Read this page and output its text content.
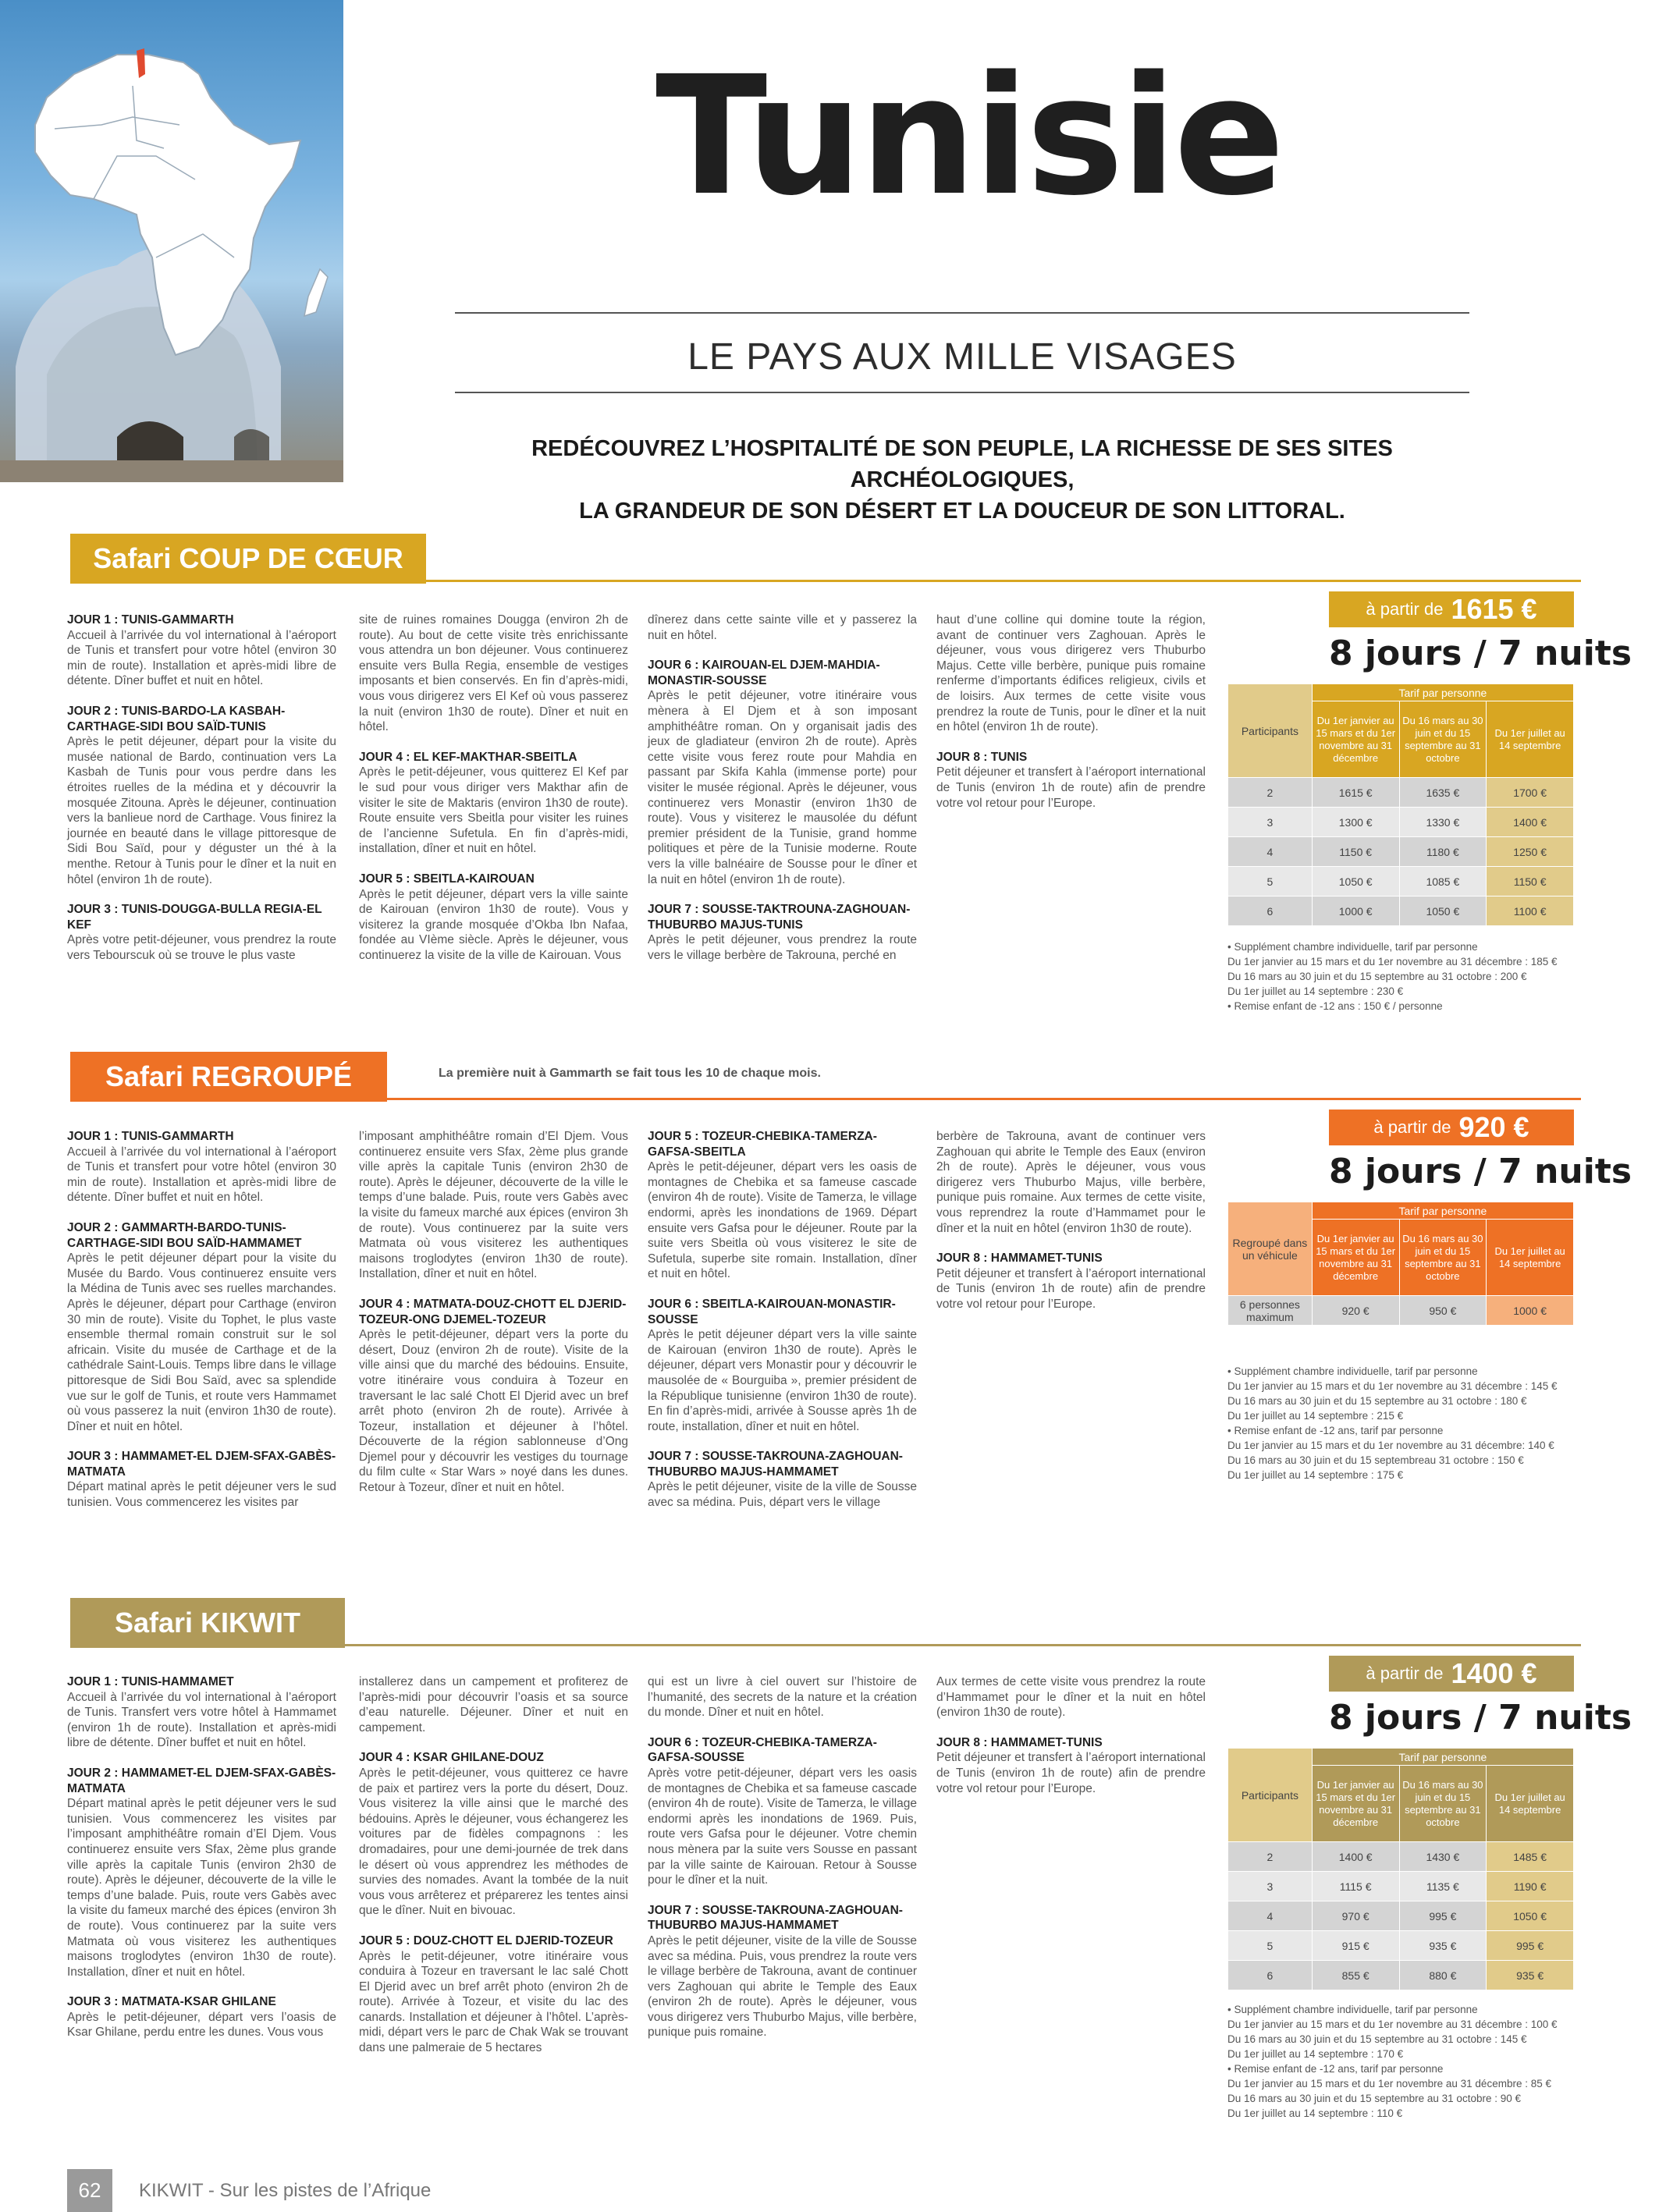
Tunisie
LE PAYS AUX MILLE VISAGES
REDÉCOUVREZ L’HOSPITALITÉ DE SON PEUPLE, LA RICHESSE DE SES SITES ARCHÉOLOGIQUES,
LA GRANDEUR DE SON DÉSERT ET LA DOUCEUR DE SON LITTORAL.
Safari COUP DE CŒUR
JOUR 1 : TUNIS-GAMMARTH
Accueil à l’arrivée du vol international à l’aéroport de Tunis et transfert pour votre hôtel (environ 30 min de route). Installation et après-midi libre de détente. Dîner buffet et nuit en hôtel.
JOUR 2 : TUNIS-BARDO-LA KASBAH-CARTHAGE-SIDI BOU SAÏD-TUNIS
Après le petit déjeuner, départ pour la visite du musée national de Bardo, continuation vers La Kasbah de Tunis pour vous perdre dans les étroites ruelles de la médina et y découvrir la mosquée Zitouna. Après le déjeuner, continuation vers la banlieue nord de Carthage. Vous finirez la journée en beauté dans le village pittoresque de Sidi Bou Saïd, pour y déguster un thé à la menthe. Retour à Tunis pour le dîner et la nuit en hôtel (environ 1h de route).
JOUR 3 : TUNIS-DOUGGA-BULLA REGIA-EL KEF
Après votre petit-déjeuner, vous prendrez la route vers Tebourscuk où se trouve le plus vaste
site de ruines romaines Dougga (environ 2h de route). Au bout de cette visite très enrichissante vous attendra un bon déjeuner. Vous continuerez ensuite vers Bulla Regia, ensemble de vestiges imposants et bien conservés. En fin d’après-midi, vous vous dirigerez vers El Kef où vous passerez la nuit (environ 1h30 de route). Dîner et nuit en hôtel.
JOUR 4 : EL KEF-MAKTHAR-SBEITLA
Après le petit-déjeuner, vous quitterez El Kef par le sud pour vous diriger vers Makthar afin de visiter le site de Maktaris (environ 1h30 de route). Route ensuite vers Sbeitla pour visiter les ruines de l’ancienne Sufetula. En fin d’après-midi, installation, dîner et nuit en hôtel.
JOUR 5 : SBEITLA-KAIROUAN
Après le petit déjeuner, départ vers la ville sainte de Kairouan (environ 1h30 de route). Vous y visiterez la grande mosquée d’Okba Ibn Nafaa, fondée au VIème siècle. Après le déjeuner, vous continuerez la visite de la ville de Kairouan. Vous
dînerez dans cette sainte ville et y passerez la nuit en hôtel.
JOUR 6 : KAIROUAN-EL DJEM-MAHDIA-MONASTIR-SOUSSE
Après le petit déjeuner, votre itinéraire vous mènera à El Djem et à son imposant amphithéâtre roman. On y organisait jadis des jeux de gladiateur (environ 2h de route). Après cette visite vous ferez route pour Mahdia en passant par Skifa Kahla (immense porte) pour visiter le musée régional. Après le déjeuner, vous continuerez vers Monastir (environ 1h30 de route). Vous y visiterez le mausolée du défunt premier président de la Tunisie, grand homme politiques et père de la Tunisie moderne. Route vers la ville balnéaire de Sousse pour le dîner et la nuit en hôtel (environ 1h de route).
JOUR 7 : SOUSSE-TAKTROUNA-ZAGHOUAN-THUBURBO MAJUS-TUNIS
Après le petit déjeuner, vous prendrez la route vers le village berbère de Takrouna, perché en
haut d’une colline qui domine toute la région, avant de continuer vers Zaghouan. Après le déjeuner, vous vous dirigerez vers Thuburbo Majus. Cette ville berbère, punique puis romaine renferme d’importants édifices religieux, civils et de loisirs. Aux termes de cette visite vous prendrez la route de Tunis, pour le dîner et la nuit en hôtel (environ 1h de route).
JOUR 8 : TUNIS
Petit déjeuner et transfert à l’aéroport international de Tunis (environ 1h de route) afin de prendre votre vol retour pour l’Europe.
à partir de 1615 €
8 jours / 7 nuits
Participants	Tarif par personne		
	Du 1er janvier au 15 mars et du 1er novembre au 31 décembre	Du 16 mars au 30 juin et du 15 septembre au 31 octobre	Du 1er juillet au 14 septembre
2	1615 €	1635 €	1700 €
3	1300 €	1330 €	1400 €
4	1150 €	1180 €	1250 €
5	1050 €	1085 €	1150 €
6	1000 €	1050 €	1100 €
• Supplément chambre individuelle, tarif par personne
Du 1er janvier au 15 mars et du 1er novembre au 31 décembre : 185 €
Du 16 mars au 30 juin et du 15 septembre au 31 octobre : 200 €
Du 1er juillet au 14 septembre : 230 €
• Remise enfant de -12 ans : 150 € / personne
Safari REGROUPÉ	La première nuit à Gammarth se fait tous les 10 de chaque mois.
JOUR 1 : TUNIS-GAMMARTH
Accueil à l’arrivée du vol international à l’aéroport de Tunis et transfert pour votre hôtel (environ 30 min de route). Installation et après-midi libre de détente. Dîner buffet et nuit en hôtel.
JOUR 2 : GAMMARTH-BARDO-TUNIS-CARTHAGE-SIDI BOU SAÏD-HAMMAMET
Après le petit déjeuner départ pour la visite du Musée du Bardo. Vous continuerez ensuite vers la Médina de Tunis avec ses ruelles marchandes. Après le déjeuner, départ pour Carthage (environ 30 min de route). Visite du Tophet, le plus vaste ensemble thermal romain construit sur le sol africain. Visite du musée de Carthage et de la cathédrale Saint-Louis. Temps libre dans le village pittoresque de Sidi Bou Saïd, avec sa splendide vue sur le golf de Tunis, et route vers Hammamet où vous passerez la nuit (environ 1h30 de route). Dîner et nuit en hôtel.
JOUR 3 : HAMMAMET-EL DJEM-SFAX-GABÈS-MATMATA
Départ matinal après le petit déjeuner vers le sud tunisien. Vous commencerez les visites par
l’imposant amphithéâtre romain d’El Djem. Vous continuerez ensuite vers Sfax, 2ème plus grande ville après la capitale Tunis (environ 2h30 de route). Après le déjeuner, découverte de la ville le temps d’une balade. Puis, route vers Gabès avec la visite du fameux marché aux épices (environ 3h de route). Vous continuerez par la suite vers Matmata où vous visiterez les authentiques maisons troglodytes (environ 1h30 de route). Installation, dîner et nuit en hôtel.
JOUR 4 : MATMATA-DOUZ-CHOTT EL DJERID-TOZEUR-ONG DJEMEL-TOZEUR
Après le petit-déjeuner, départ vers la porte du désert, Douz (environ 2h de route). Visite de la ville ainsi que du marché des bédouins. Ensuite, votre itinéraire vous conduira à Tozeur en traversant le lac salé Chott El Djerid avec un bref arrêt photo (environ 2h de route). Arrivée à Tozeur, installation et déjeuner à l’hôtel. Découverte de la région sablonneuse d’Ong Djemel pour y découvrir les vestiges du tournage du film culte « Star Wars » noyé dans les dunes. Retour à Tozeur, dîner et nuit en hôtel.
JOUR 5 : TOZEUR-CHEBIKA-TAMERZA-GAFSA-SBEITLA
Après le petit-déjeuner, départ vers les oasis de montagnes de Chebika et sa fameuse cascade (environ 4h de route). Visite de Tamerza, le village endormi, après les inondations de 1969. Départ ensuite vers Gafsa pour le déjeuner. Route par la suite vers Sbeitla où vous visiterez le site de Sufetula, superbe site romain. Installation, dîner et nuit en hôtel.
JOUR 6 : SBEITLA-KAIROUAN-MONASTIR-SOUSSE
Après le petit déjeuner départ vers la ville sainte de Kairouan (environ 1h30 de route). Après le déjeuner, départ vers Monastir pour y découvrir le mausolée de « Bourguiba », premier président de la République tunisienne (environ 1h30 de route). En fin d’après-midi, arrivée à Sousse après 1h de route, installation, dîner et nuit en hôtel.
JOUR 7 : SOUSSE-TAKROUNA-ZAGHOUAN-THUBURBO MAJUS-HAMMAMET
Après le petit déjeuner, visite de la ville de Sousse avec sa médina. Puis, départ vers le village
berbère de Takrouna, avant de continuer vers Zaghouan qui abrite le Temple des Eaux (environ 2h de route). Après le déjeuner, vous vous dirigerez vers Thuburbo Majus, ville berbère, punique puis romaine. Aux termes de cette visite, vous reprendrez la route d’Hammamet pour le dîner et la nuit en hôtel (environ 1h30 de route).
JOUR 8 : HAMMAMET-TUNIS
Petit déjeuner et transfert à l’aéroport international de Tunis (environ 1h de route) afin de prendre votre vol retour pour l’Europe.
à partir de 920 €
8 jours / 7 nuits
Regroupé dans un véhicule	Tarif par personne		
	Du 1er janvier au 15 mars et du 1er novembre au 31 décembre	Du 16 mars au 30 juin et du 15 septembre au 31 octobre	Du 1er juillet au 14 septembre
6 personnes maximum	920 €	950 €	1000 €
• Supplément chambre individuelle, tarif par personne
Du 1er janvier au 15 mars et du 1er novembre au 31 décembre : 145 €
Du 16 mars au 30 juin et du 15 septembre au 31 octobre : 180 €
Du 1er juillet au 14 septembre : 215 €
• Remise enfant de -12 ans, tarif par personne
Du 1er janvier au 15 mars et du 1er novembre au 31 décembre: 140 €
Du 16 mars au 30 juin et du 15 septembreau 31 octobre : 150 €
Du 1er juillet au 14 septembre : 175 €
Safari KIKWIT
JOUR 1 : TUNIS-HAMMAMET
Accueil à l’arrivée du vol international à l’aéroport de Tunis. Transfert vers votre hôtel à Hammamet (environ 1h de route). Installation et après-midi libre de détente. Dîner buffet et nuit en hôtel.
JOUR 2 : HAMMAMET-EL DJEM-SFAX-GABÈS-MATMATA
Départ matinal après le petit déjeuner vers le sud tunisien. Vous commencerez les visites par l’imposant amphithéâtre romain d’El Djem. Vous continuerez ensuite vers Sfax, 2ème plus grande ville après la capitale Tunis (environ 2h30 de route). Après le déjeuner, découverte de la ville le temps d’une balade. Puis, route vers Gabès avec la visite du fameux marché des épices (environ 3h de route). Vous continuerez par la suite vers Matmata où vous visiterez les authentiques maisons troglodytes (environ 1h30 de route). Installation, dîner et nuit en hôtel.
JOUR 3 : MATMATA-KSAR GHILANE
Après le petit-déjeuner, départ vers l’oasis de Ksar Ghilane, perdu entre les dunes. Vous vous
installerez dans un campement et profiterez de l’après-midi pour découvrir l’oasis et sa source d’eau naturelle. Déjeuner. Dîner et nuit en campement.
JOUR 4 : KSAR GHILANE-DOUZ
Après le petit-déjeuner, vous quitterez ce havre de paix et partirez vers la porte du désert, Douz. Vous visiterez la ville ainsi que le marché des bédouins. Après le déjeuner, vous échangerez les voitures par de fidèles compagnons : les dromadaires, pour une demi-journée de trek dans le désert où vous apprendrez les méthodes de survies des nomades. Avant la tombée de la nuit vous vous arrêterez et préparerez les tentes ainsi que le dîner. Nuit en bivouac.
JOUR 5 : DOUZ-CHOTT EL DJERID-TOZEUR
Après le petit-déjeuner, votre itinéraire vous conduira à Tozeur en traversant le lac salé Chott El Djerid avec un bref arrêt photo (environ 2h de route). Arrivée à Tozeur, et visite du lac des canards. Installation et déjeuner à l’hôtel. L’après-midi, départ vers le parc de Chak Wak se trouvant dans une palmeraie de 5 hectares
qui est un livre à ciel ouvert sur l’histoire de l’humanité, des secrets de la nature et la création du monde. Dîner et nuit en hôtel.
JOUR 6 : TOZEUR-CHEBIKA-TAMERZA-GAFSA-SOUSSE
Après votre petit-déjeuner, départ vers les oasis de montagnes de Chebika et sa fameuse cascade (environ 4h de route). Visite de Tamerza, le village endormi après les inondations de 1969. Puis, route vers Gafsa pour le déjeuner. Votre chemin nous mènera par la suite vers Sousse en passant par la ville sainte de Kairouan. Retour à Sousse pour le dîner et la nuit.
JOUR 7 : SOUSSE-TAKROUNA-ZAGHOUAN-THUBURBO MAJUS-HAMMAMET
Après le petit déjeuner, visite de la ville de Sousse avec sa médina. Puis, vous prendrez la route vers le village berbère de Takrouna, avant de continuer vers Zaghouan qui abrite le Temple des Eaux (environ 2h de route). Après le déjeuner, vous vous dirigerez vers Thuburbo Majus, ville berbère, punique puis romaine.
Aux termes de cette visite vous prendrez la route d’Hammamet pour le dîner et la nuit en hôtel (environ 1h30 de route).
JOUR 8 : HAMMAMET-TUNIS
Petit déjeuner et transfert à l’aéroport international de Tunis (environ 1h de route) afin de prendre votre vol retour pour l’Europe.
à partir de 1400 €
8 jours / 7 nuits
Participants	Tarif par personne		
	Du 1er janvier au 15 mars et du 1er novembre au 31 décembre	Du 16 mars au 30 juin et du 15 septembre au 31 octobre	Du 1er juillet au 14 septembre
2	1400 €	1430 €	1485 €
3	1115 €	1135 €	1190 €
4	970 €	995 €	1050 €
5	915 €	935 €	995 €
6	855 €	880 €	935 €
• Supplément chambre individuelle, tarif par personne
Du 1er janvier au 15 mars et du 1er novembre au 31 décembre : 100 €
Du 16 mars au 30 juin et du 15 septembre au 31 octobre : 145 €
Du 1er juillet au 14 septembre : 170 €
• Remise enfant de -12 ans, tarif par personne
Du 1er janvier au 15 mars et du 1er novembre au 31 décembre : 85 €
Du 16 mars au 30 juin et du 15 septembre au 31 octobre : 90 €
Du 1er juillet au 14 septembre : 110 €
62	KIKWIT - Sur les pistes de l’Afrique
